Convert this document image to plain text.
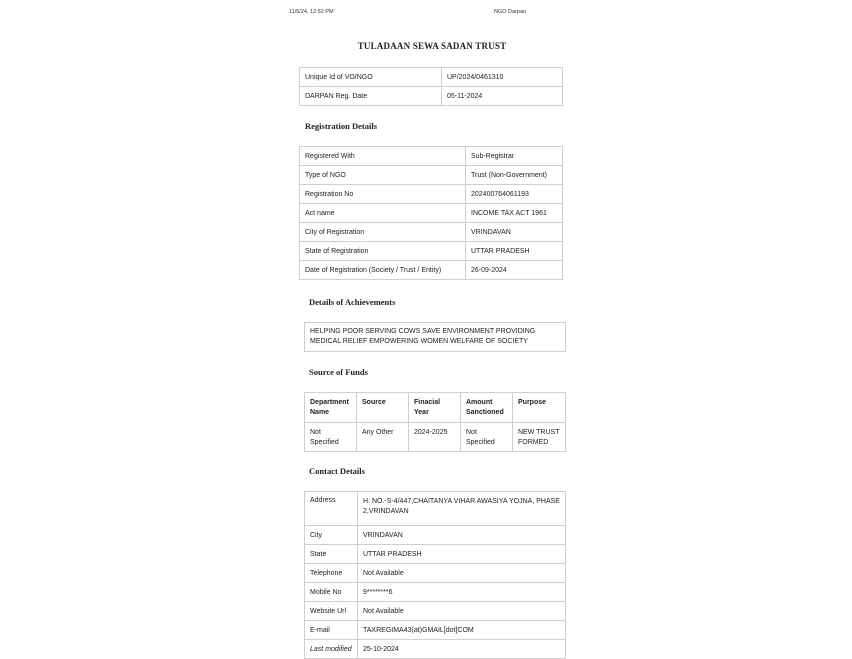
11/5/24, 12:52 PM	NGO Darpan
TULADAAN SEWA SADAN TRUST
Unique Id of VO/NGO	UP/2024/0461310
DARPAN Reg. Date	05-11-2024
Registration Details
Registered With	Sub-Registrar
Type of NGO	Trust (Non-Government)
Registration No	202400764061193
Act name	INCOME TAX ACT 1961
City of Registration	VRINDAVAN
State of Registration	UTTAR PRADESH
Date of Registration (Society / Trust / Entity)	26-09-2024
Details of Achievements
HELPING POOR SERVING COWS SAVE ENVIRONMENT PROVIDING MEDICAL RELIEF EMPOWERING WOMEN WELFARE OF SOCIETY
Source of Funds
Department Name	Source	Finacial Year	Amount Sanctioned	Purpose
Not Specified	Any Other	2024-2025	Not Specified	NEW TRUST FORMED
Contact Details
Address	H. NO.-S-4/447,CHAITANYA VIHAR AWASIYA YOJNA, PHASE 2,VRINDAVAN
City	VRINDAVAN
State	UTTAR PRADESH
Telephone	Not Available
Mobile No	9********6
Website Url	Not Available
E-mail	TAXREGIMA43(at)GMAIL[dot]COM
Last modified	25-10-2024
